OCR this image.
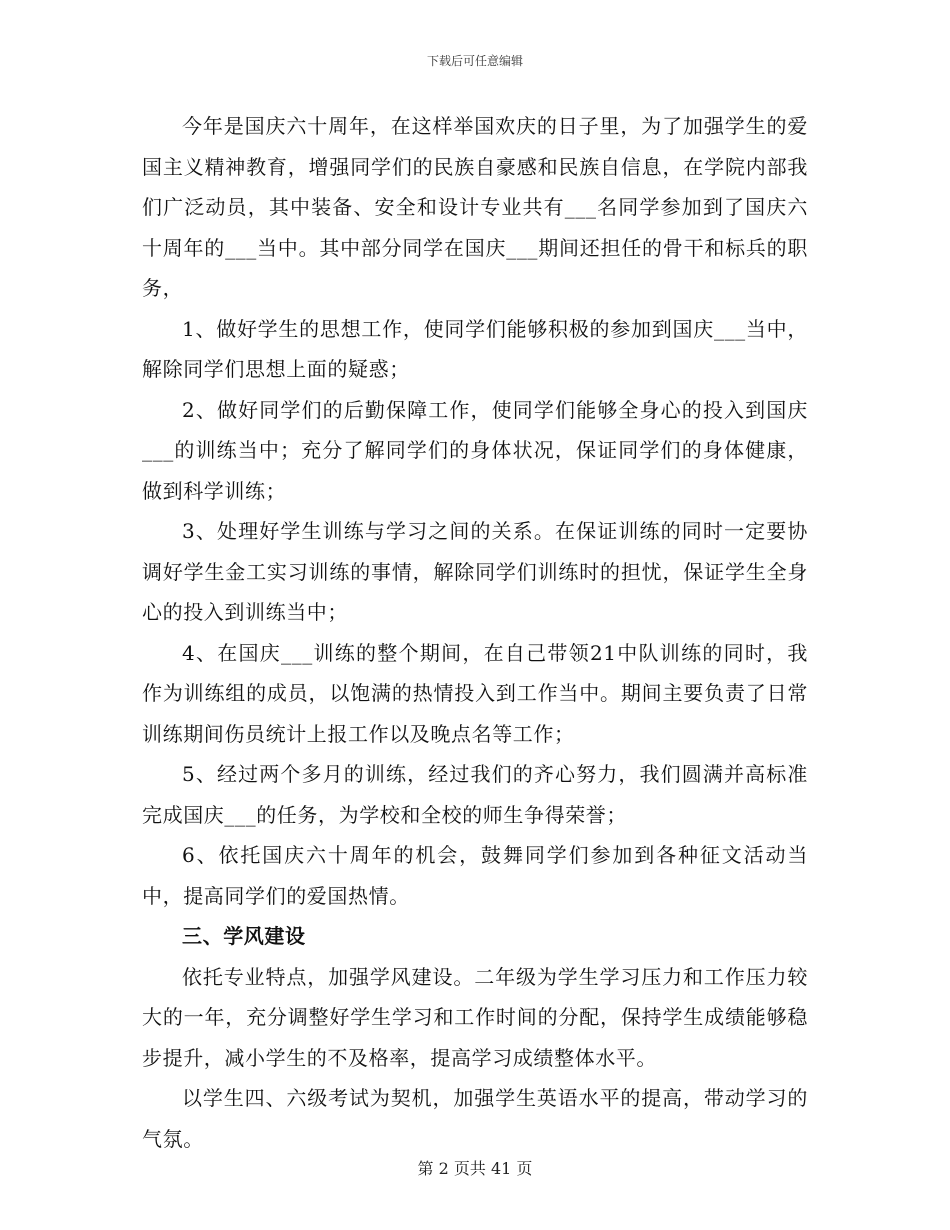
下载后可任意编辑

今年是国庆六十周年，在这样举国欢庆的日子里，为了加强学生的爱国主义精神教育，增强同学们的民族自豪感和民族自信息，在学院内部我们广泛动员，其中装备、安全和设计专业共有___名同学参加到了国庆六十周年的___当中。其中部分同学在国庆___期间还担任的骨干和标兵的职务，

1、做好学生的思想工作，使同学们能够积极的参加到国庆___当中，解除同学们思想上面的疑惑；

2、做好同学们的后勤保障工作，使同学们能够全身心的投入到国庆___的训练当中；充分了解同学们的身体状况，保证同学们的身体健康，做到科学训练；

3、处理好学生训练与学习之间的关系。在保证训练的同时一定要协调好学生金工实习训练的事情，解除同学们训练时的担忧，保证学生全身心的投入到训练当中；

4、在国庆___训练的整个期间，在自己带领21中队训练的同时，我作为训练组的成员，以饱满的热情投入到工作当中。期间主要负责了日常训练期间伤员统计上报工作以及晚点名等工作；

5、经过两个多月的训练，经过我们的齐心努力，我们圆满并高标准完成国庆___的任务，为学校和全校的师生争得荣誉；

6、依托国庆六十周年的机会，鼓舞同学们参加到各种征文活动当中，提高同学们的爱国热情。

三、学风建设

依托专业特点，加强学风建设。二年级为学生学习压力和工作压力较大的一年，充分调整好学生学习和工作时间的分配，保持学生成绩能够稳步提升，减小学生的不及格率，提高学习成绩整体水平。

以学生四、六级考试为契机，加强学生英语水平的提高，带动学习的气氛。

第 2 页共 41 页
